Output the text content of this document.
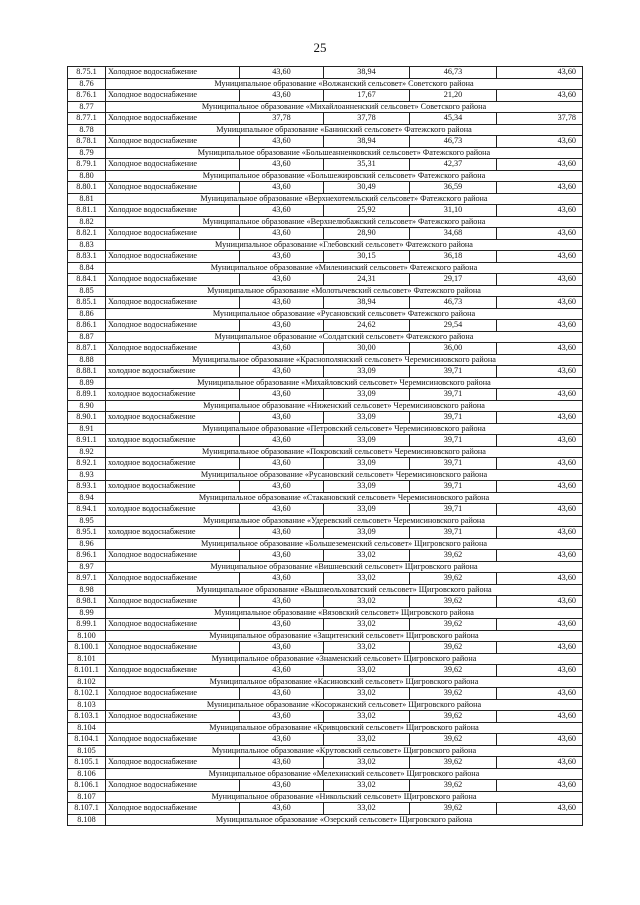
25
8.75.1	Холодное водоснабжение	43,60	38,94	46,73	43,60
8.76	Муниципальное образование «Волжанский сельсовет» Советского района				
8.76.1	Холодное водоснабжение	43,60	17,67	21,20	43,60
8.77	Муниципальное образование «Михайлоанненский сельсовет» Советского района				
8.77.1	Холодное водоснабжение	37,78	37,78	45,34	37,78
8.78	Муниципальное образование «Банинский сельсовет» Фатежского района				
8.78.1	Холодное водоснабжение	43,60	38,94	46,73	43,60
8.79	Муниципальное образование «Большеанненковский сельсовет» Фатежского района				
8.79.1	Холодное водоснабжение	43,60	35,31	42,37	43,60
8.80	Муниципальное образование «Большежировский сельсовет» Фатежского района				
8.80.1	Холодное водоснабжение	43,60	30,49	36,59	43,60
8.81	Муниципальное образование «Верхнехотемльский сельсовет» Фатежского района				
8.81.1	Холодное водоснабжение	43,60	25,92	31,10	43,60
8.82	Муниципальное образование «Верхнелюбажский сельсовет» Фатежского района				
8.82.1	Холодное водоснабжение	43,60	28,90	34,68	43,60
8.83	Муниципальное образование «Глебовский сельсовет» Фатежского района				
8.83.1	Холодное водоснабжение	43,60	30,15	36,18	43,60
8.84	Муниципальное образование «Миленинский сельсовет» Фатежского района				
8.84.1	Холодное водоснабжение	43,60	24,31	29,17	43,60
8.85	Муниципальное образование «Молотычевский сельсовет» Фатежского района				
8.85.1	Холодное водоснабжение	43,60	38,94	46,73	43,60
8.86	Муниципальное образование «Русановский сельсовет» Фатежского района				
8.86.1	Холодное водоснабжение	43,60	24,62	29,54	43,60
8.87	Муниципальное образование «Солдатский сельсовет» Фатежского района				
8.87.1	Холодное водоснабжение	43,60	30,00	36,00	43,60
8.88	Муниципальное образование «Краснополянский сельсовет» Черемисиновского района				
8.88.1	холодное водоснабжение	43,60	33,09	39,71	43,60
8.89	Муниципальное образование «Михайловский сельсовет» Черемисиновского района				
8.89.1	холодное водоснабжение	43,60	33,09	39,71	43,60
8.90	Муниципальное образование «Ниженский сельсовет» Черемисиновского района				
8.90.1	холодное водоснабжение	43,60	33,09	39,71	43,60
8.91	Муниципальное образование «Петровский сельсовет» Черемисиновского района				
8.91.1	холодное водоснабжение	43,60	33,09	39,71	43,60
8.92	Муниципальное образование «Покровский сельсовет» Черемисиновского района				
8.92.1	холодное водоснабжение	43,60	33,09	39,71	43,60
8.93	Муниципальное образование «Русановский сельсовет» Черемисиновского района				
8.93.1	холодное водоснабжение	43,60	33,09	39,71	43,60
8.94	Муниципальное образование «Стакановский сельсовет» Черемисиновского района				
8.94.1	холодное водоснабжение	43,60	33,09	39,71	43,60
8.95	Муниципальное образование «Удеревский сельсовет» Черемисиновского района				
8.95.1	холодное водоснабжение	43,60	33,09	39,71	43,60
8.96	Муниципальное образование «Большеземенский сельсовет» Щигровского района				
8.96.1	Холодное водоснабжение	43,60	33,02	39,62	43,60
8.97	Муниципальное образование «Вишневский сельсовет» Щигровского района				
8.97.1	Холодное водоснабжение	43,60	33,02	39,62	43,60
8.98	Муниципальное образование «Вышнеольховатский сельсовет» Щигровского района				
8.98.1	Холодное водоснабжение	43,60	33,02	39,62	43,60
8.99	Муниципальное образование «Вязовский сельсовет» Щигровского района				
8.99.1	Холодное водоснабжение	43,60	33,02	39,62	43,60
8.100	Муниципальное образование «Защитенский сельсовет» Щигровского района				
8.100.1	Холодное водоснабжение	43,60	33,02	39,62	43,60
8.101	Муниципальное образование «Знаменский сельсовет» Щигровского района				
8.101.1	Холодное водоснабжение	43,60	33,02	39,62	43,60
8.102	Муниципальное образование «Касиновский сельсовет» Щигровского района				
8.102.1	Холодное водоснабжение	43,60	33,02	39,62	43,60
8.103	Муниципальное образование «Косоржанский сельсовет» Щигровского района				
8.103.1	Холодное водоснабжение	43,60	33,02	39,62	43,60
8.104	Муниципальное образование «Кривцовский сельсовет» Щигровского района				
8.104.1	Холодное водоснабжение	43,60	33,02	39,62	43,60
8.105	Муниципальное образование «Крутовский сельсовет» Щигровского района				
8.105.1	Холодное водоснабжение	43,60	33,02	39,62	43,60
8.106	Муниципальное образование «Мелехинский сельсовет» Щигровского района				
8.106.1	Холодное водоснабжение	43,60	33,02	39,62	43,60
8.107	Муниципальное образование «Никольский сельсовет» Щигровского района				
8.107.1	Холодное водоснабжение	43,60	33,02	39,62	43,60
8.108	Муниципальное образование «Озерский сельсовет» Щигровского района				
